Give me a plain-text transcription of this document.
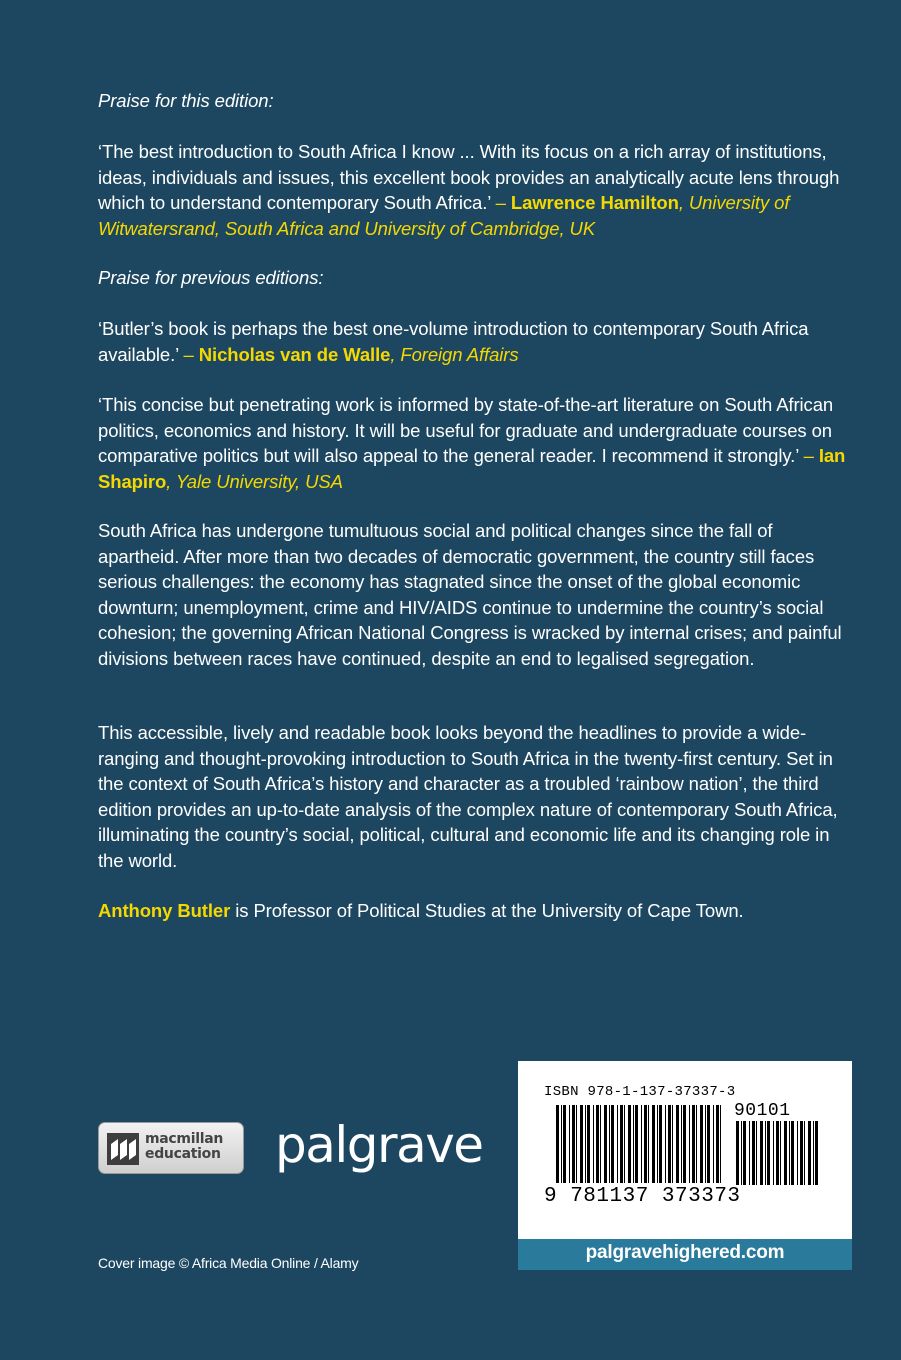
Praise for this edition:

‘The best introduction to South Africa I know ... With its focus on a rich array of institutions, ideas, individuals and issues, this excellent book provides an analytically acute lens through which to understand contemporary South Africa.’ – Lawrence Hamilton, University of Witwatersrand, South Africa and University of Cambridge, UK

Praise for previous editions:

‘Butler’s book is perhaps the best one-volume introduction to contemporary South Africa available.’ – Nicholas van de Walle, Foreign Affairs

‘This concise but penetrating work is informed by state-of-the-art literature on South African politics, economics and history. It will be useful for graduate and undergraduate courses on comparative politics but will also appeal to the general reader. I recommend it strongly.’ – Ian Shapiro, Yale University, USA

South Africa has undergone tumultuous social and political changes since the fall of apartheid. After more than two decades of democratic government, the country still faces serious challenges: the economy has stagnated since the onset of the global economic downturn; unemployment, crime and HIV/AIDS continue to undermine the country’s social cohesion; the governing African National Congress is wracked by internal crises; and painful divisions between races have continued, despite an end to legalised segregation.

This accessible, lively and readable book looks beyond the headlines to provide a wide-ranging and thought-provoking introduction to South Africa in the twenty-first century. Set in the context of South Africa’s history and character as a troubled ‘rainbow nation’, the third edition provides an up-to-date analysis of the complex nature of contemporary South Africa, illuminating the country’s social, political, cultural and economic life and its changing role in the world.

Anthony Butler is Professor of Political Studies at the University of Cape Town.

macmillan
education palgrave
Cover image © Africa Media Online / Alamy
ISBN 978-1-137-37337-3
90101
9 781137 373373
palgravehighered.com
